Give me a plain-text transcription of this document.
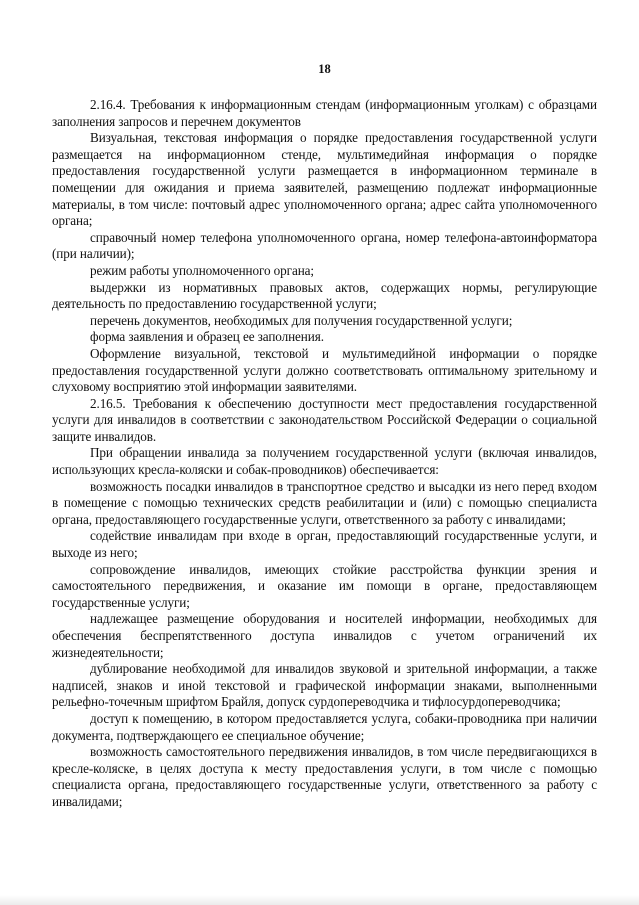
18

2.16.4. Требования к информационным стендам (информационным уголкам) с образцами заполнения запросов и перечнем документов

Визуальная, текстовая информация о порядке предоставления государственной услуги размещается на информационном стенде, мультимедийная информация о порядке предоставления государственной услуги размещается в информационном терминале в помещении для ожидания и приема заявителей, размещению подлежат информационные материалы, в том числе: почтовый адрес уполномоченного органа; адрес сайта уполномоченного органа;

справочный номер телефона уполномоченного органа, номер телефона-автоинформатора (при наличии);

режим работы уполномоченного органа;

выдержки из нормативных правовых актов, содержащих нормы, регулирующие деятельность по предоставлению государственной услуги;

перечень документов, необходимых для получения государственной услуги;

форма заявления и образец ее заполнения.

Оформление визуальной, текстовой и мультимедийной информации о порядке предоставления государственной услуги должно соответствовать оптимальному зрительному и слуховому восприятию этой информации заявителями.

2.16.5. Требования к обеспечению доступности мест предоставления государственной услуги для инвалидов в соответствии с законодательством Российской Федерации о социальной защите инвалидов.

При обращении инвалида за получением государственной услуги (включая инвалидов, использующих кресла-коляски и собак-проводников) обеспечивается:

возможность посадки инвалидов в транспортное средство и высадки из него перед входом в помещение с помощью технических средств реабилитации и (или) с помощью специалиста органа, предоставляющего государственные услуги, ответственного за работу с инвалидами;

содействие инвалидам при входе в орган, предоставляющий государственные услуги, и выходе из него;

сопровождение инвалидов, имеющих стойкие расстройства функции зрения и самостоятельного передвижения, и оказание им помощи в органе, предоставляющем государственные услуги;

надлежащее размещение оборудования и носителей информации, необходимых для обеспечения беспрепятственного доступа инвалидов с учетом ограничений их жизнедеятельности;

дублирование необходимой для инвалидов звуковой и зрительной информации, а также надписей, знаков и иной текстовой и графической информации знаками, выполненными рельефно-точечным шрифтом Брайля, допуск сурдопереводчика и тифлосурдопереводчика;

доступ к помещению, в котором предоставляется услуга, собаки-проводника при наличии документа, подтверждающего ее специальное обучение;

возможность самостоятельного передвижения инвалидов, в том числе передвигающихся в кресле-коляске, в целях доступа к месту предоставления услуги, в том числе с помощью специалиста органа, предоставляющего государственные услуги, ответственного за работу с инвалидами;
